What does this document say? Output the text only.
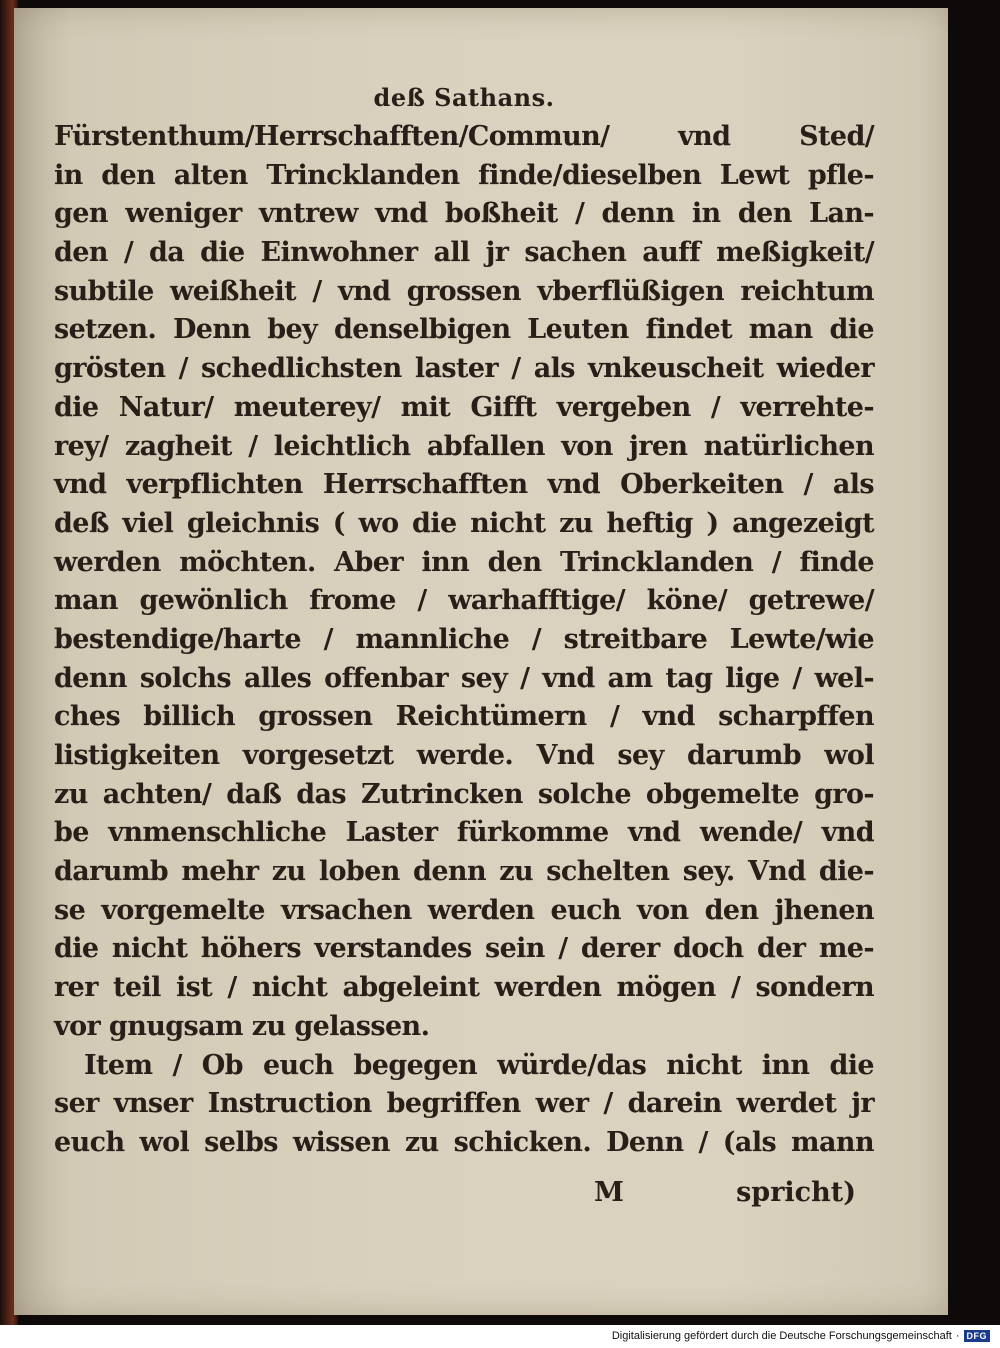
deß Sathans.
Fürstenthum/Herrschafften/Commun/ vnd Sted/
in den alten Trincklanden finde/dieselben Lewt pfle-
gen weniger vntrew vnd boßheit / denn in den Lan-
den / da die Einwohner all jr sachen auff meßigkeit/
subtile weißheit / vnd grossen vberflüßigen reichtum
setzen. Denn bey denselbigen Leuten findet man die
grösten / schedlichsten laster / als vnkeuscheit wieder
die Natur/ meuterey/ mit Gifft vergeben / verrehte-
rey/ zagheit / leichtlich abfallen von jren natürlichen
vnd verpflichten Herrschafften vnd Oberkeiten / als
deß viel gleichnis ( wo die nicht zu heftig ) angezeigt
werden möchten. Aber inn den Trincklanden / finde
man gewönlich frome / warhafftige/ köne/ getrewe/
bestendige/harte / mannliche / streitbare Lewte/wie
denn solchs alles offenbar sey / vnd am tag lige / wel-
ches billich grossen Reichtümern / vnd scharpffen
listigkeiten vorgesetzt werde. Vnd sey darumb wol
zu achten/ daß das Zutrincken solche obgemelte gro-
be vnmenschliche Laster fürkomme vnd wende/ vnd
darumb mehr zu loben denn zu schelten sey. Vnd die-
se vorgemelte vrsachen werden euch von den jhenen
die nicht höhers verstandes sein / derer doch der me-
rer teil ist / nicht abgeleint werden mögen / sondern
vor gnugsam zu gelassen.
Item / Ob euch begegen würde/das nicht inn die
ser vnser Instruction begriffen wer / darein werdet jr
euch wol selbs wissen zu schicken. Denn / (als mann
M	spricht)
Digitalisierung gefördert durch die Deutsche Forschungsgemeinschaft · DFG
